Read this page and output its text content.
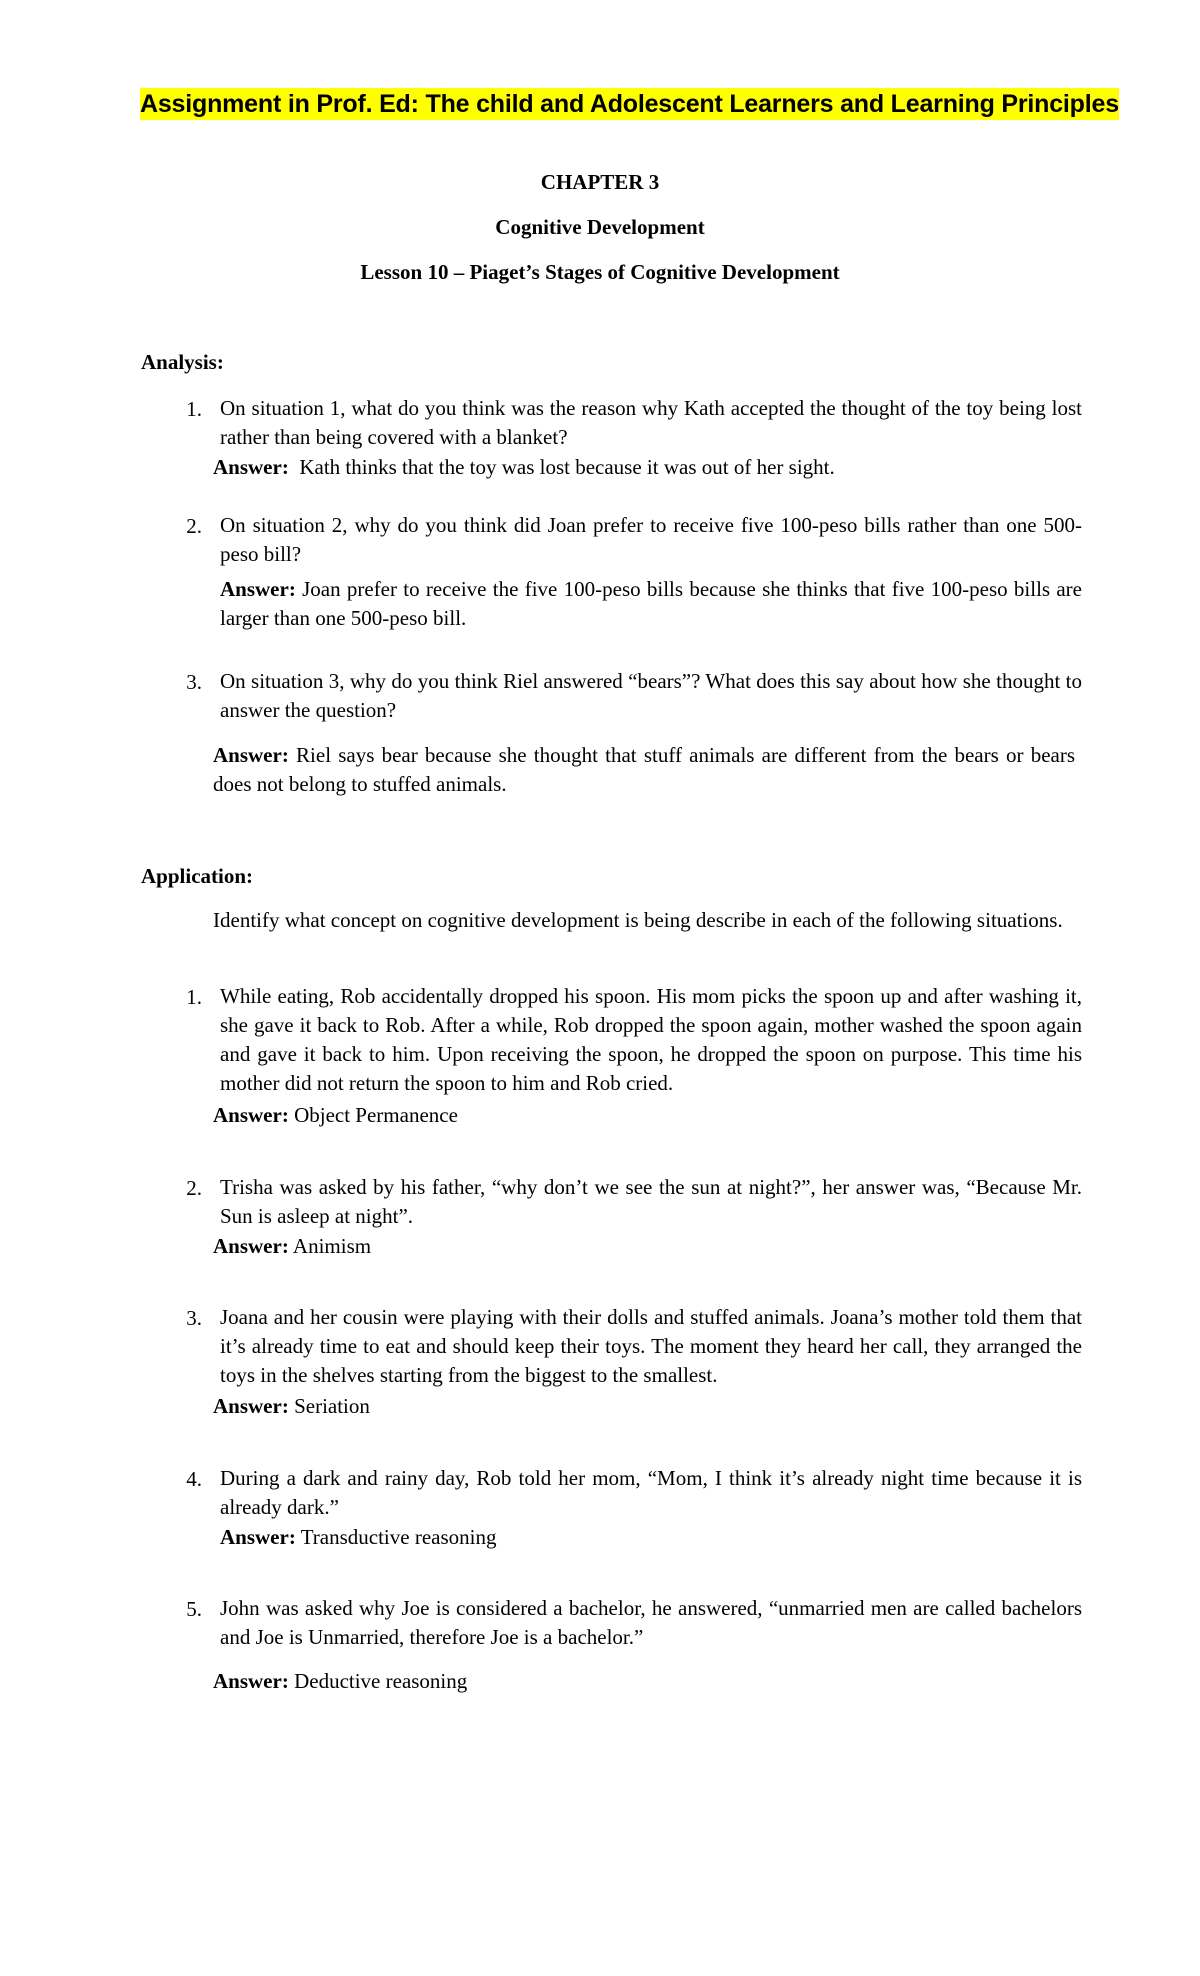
Assignment in Prof. Ed: The child and Adolescent Learners and Learning Principles
CHAPTER 3
Cognitive Development
Lesson 10 – Piaget’s Stages of Cognitive Development
Analysis:
1. On situation 1, what do you think was the reason why Kath accepted the thought of the toy being lost rather than being covered with a blanket?

Answer: Kath thinks that the toy was lost because it was out of her sight.
2. On situation 2, why do you think did Joan prefer to receive five 100-peso bills rather than one 500-peso bill?

Answer: Joan prefer to receive the five 100-peso bills because she thinks that five 100-peso bills are larger than one 500-peso bill.

3. On situation 3, why do you think Riel answered “bears”? What does this say about how she thought to answer the question?

Answer: Riel says bear because she thought that stuff animals are different from the bears or bears does not belong to stuffed animals.

Application:

Identify what concept on cognitive development is being describe in each of the following situations.

1. While eating, Rob accidentally dropped his spoon. His mom picks the spoon up and after washing it, she gave it back to Rob. After a while, Rob dropped the spoon again, mother washed the spoon again and gave it back to him. Upon receiving the spoon, he dropped the spoon on purpose. This time his mother did not return the spoon to him and Rob cried.

Answer: Object Permanence
2. Trisha was asked by his father, “why don’t we see the sun at night?”, her answer was, “Because Mr. Sun is asleep at night”.

Answer: Animism
3. Joana and her cousin were playing with their dolls and stuffed animals. Joana’s mother told them that it’s already time to eat and should keep their toys. The moment they heard her call, they arranged the toys in the shelves starting from the biggest to the smallest.

Answer: Seriation
4. During a dark and rainy day, Rob told her mom, “Mom, I think it’s already night time because it is already dark.”

Answer: Transductive reasoning
5. John was asked why Joe is considered a bachelor, he answered, “unmarried men are called bachelors and Joe is Unmarried, therefore Joe is a bachelor.”

Answer: Deductive reasoning
